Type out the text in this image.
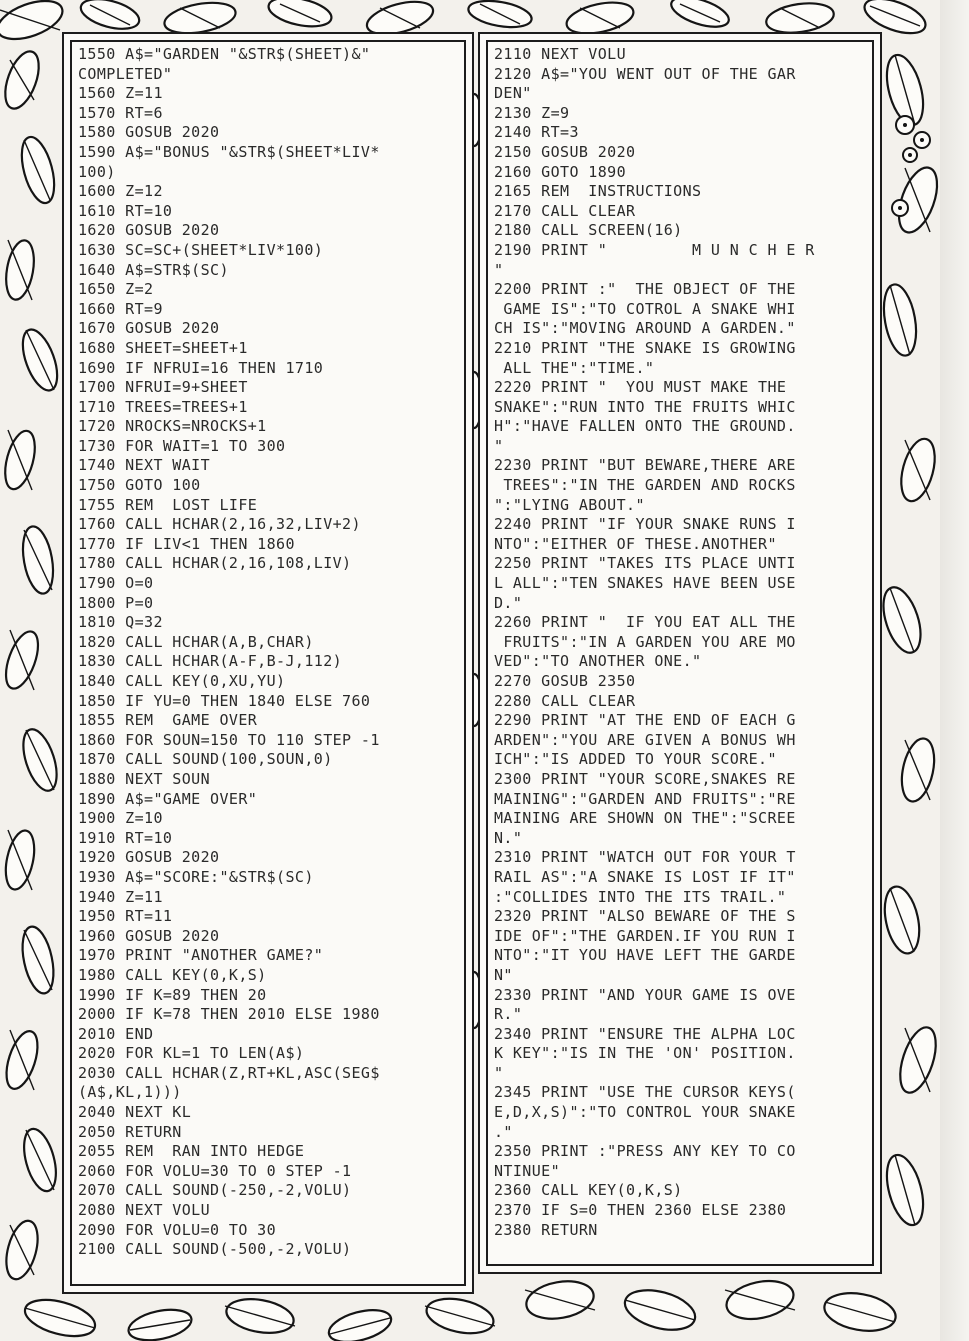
1550 A$="GARDEN "&STR$(SHEET)&"
COMPLETED"
1560 Z=11
1570 RT=6
1580 GOSUB 2020
1590 A$="BONUS "&STR$(SHEET*LIV*
100)
1600 Z=12
1610 RT=10
1620 GOSUB 2020
1630 SC=SC+(SHEET*LIV*100)
1640 A$=STR$(SC)
1650 Z=2
1660 RT=9
1670 GOSUB 2020
1680 SHEET=SHEET+1
1690 IF NFRUI=16 THEN 1710
1700 NFRUI=9+SHEET
1710 TREES=TREES+1
1720 NROCKS=NROCKS+1
1730 FOR WAIT=1 TO 300
1740 NEXT WAIT
1750 GOTO 100
1755 REM  LOST LIFE
1760 CALL HCHAR(2,16,32,LIV+2)
1770 IF LIV<1 THEN 1860
1780 CALL HCHAR(2,16,108,LIV)
1790 O=0
1800 P=0
1810 Q=32
1820 CALL HCHAR(A,B,CHAR)
1830 CALL HCHAR(A-F,B-J,112)
1840 CALL KEY(0,XU,YU)
1850 IF YU=0 THEN 1840 ELSE 760
1855 REM  GAME OVER
1860 FOR SOUN=150 TO 110 STEP -1
1870 CALL SOUND(100,SOUN,0)
1880 NEXT SOUN
1890 A$="GAME OVER"
1900 Z=10
1910 RT=10
1920 GOSUB 2020
1930 A$="SCORE:"&STR$(SC)
1940 Z=11
1950 RT=11
1960 GOSUB 2020
1970 PRINT "ANOTHER GAME?"
1980 CALL KEY(0,K,S)
1990 IF K=89 THEN 20
2000 IF K=78 THEN 2010 ELSE 1980
2010 END
2020 FOR KL=1 TO LEN(A$)
2030 CALL HCHAR(Z,RT+KL,ASC(SEG$
(A$,KL,1)))
2040 NEXT KL
2050 RETURN
2055 REM  RAN INTO HEDGE
2060 FOR VOLU=30 TO 0 STEP -1
2070 CALL SOUND(-250,-2,VOLU)
2080 NEXT VOLU
2090 FOR VOLU=0 TO 30
2100 CALL SOUND(-500,-2,VOLU)
2110 NEXT VOLU
2120 A$="YOU WENT OUT OF THE GAR
DEN"
2130 Z=9
2140 RT=3
2150 GOSUB 2020
2160 GOTO 1890
2165 REM  INSTRUCTIONS
2170 CALL CLEAR
2180 CALL SCREEN(16)
2190 PRINT "         M U N C H E R
"
2200 PRINT :"  THE OBJECT OF THE
GAME IS":"TO COTROL A SNAKE WHI
CH IS":"MOVING AROUND A GARDEN."
2210 PRINT "THE SNAKE IS GROWING
ALL THE":"TIME."
2220 PRINT "  YOU MUST MAKE THE
SNAKE":"RUN INTO THE FRUITS WHIC
H":"HAVE FALLEN ONTO THE GROUND.
"
2230 PRINT "BUT BEWARE,THERE ARE
TREES":"IN THE GARDEN AND ROCKS
":"LYING ABOUT."
2240 PRINT "IF YOUR SNAKE RUNS I
NTO":"EITHER OF THESE.ANOTHER"
2250 PRINT "TAKES ITS PLACE UNTI
L ALL":"TEN SNAKES HAVE BEEN USE
D."
2260 PRINT "  IF YOU EAT ALL THE
FRUITS":"IN A GARDEN YOU ARE MO
VED":"TO ANOTHER ONE."
2270 GOSUB 2350
2280 CALL CLEAR
2290 PRINT "AT THE END OF EACH G
ARDEN":"YOU ARE GIVEN A BONUS WH
ICH":"IS ADDED TO YOUR SCORE."
2300 PRINT "YOUR SCORE,SNAKES RE
MAINING":"GARDEN AND FRUITS":"RE
MAINING ARE SHOWN ON THE":"SCREE
N."
2310 PRINT "WATCH OUT FOR YOUR T
RAIL AS":"A SNAKE IS LOST IF IT"
:"COLLIDES INTO THE ITS TRAIL."
2320 PRINT "ALSO BEWARE OF THE S
IDE OF":"THE GARDEN.IF YOU RUN I
NTO":"IT YOU HAVE LEFT THE GARDE
N"
2330 PRINT "AND YOUR GAME IS OVE
R."
2340 PRINT "ENSURE THE ALPHA LOC
K KEY":"IS IN THE 'ON' POSITION.
"
2345 PRINT "USE THE CURSOR KEYS(
E,D,X,S)":"TO CONTROL YOUR SNAKE
."
2350 PRINT :"PRESS ANY KEY TO CO
NTINUE"
2360 CALL KEY(0,K,S)
2370 IF S=0 THEN 2360 ELSE 2380
2380 RETURN
